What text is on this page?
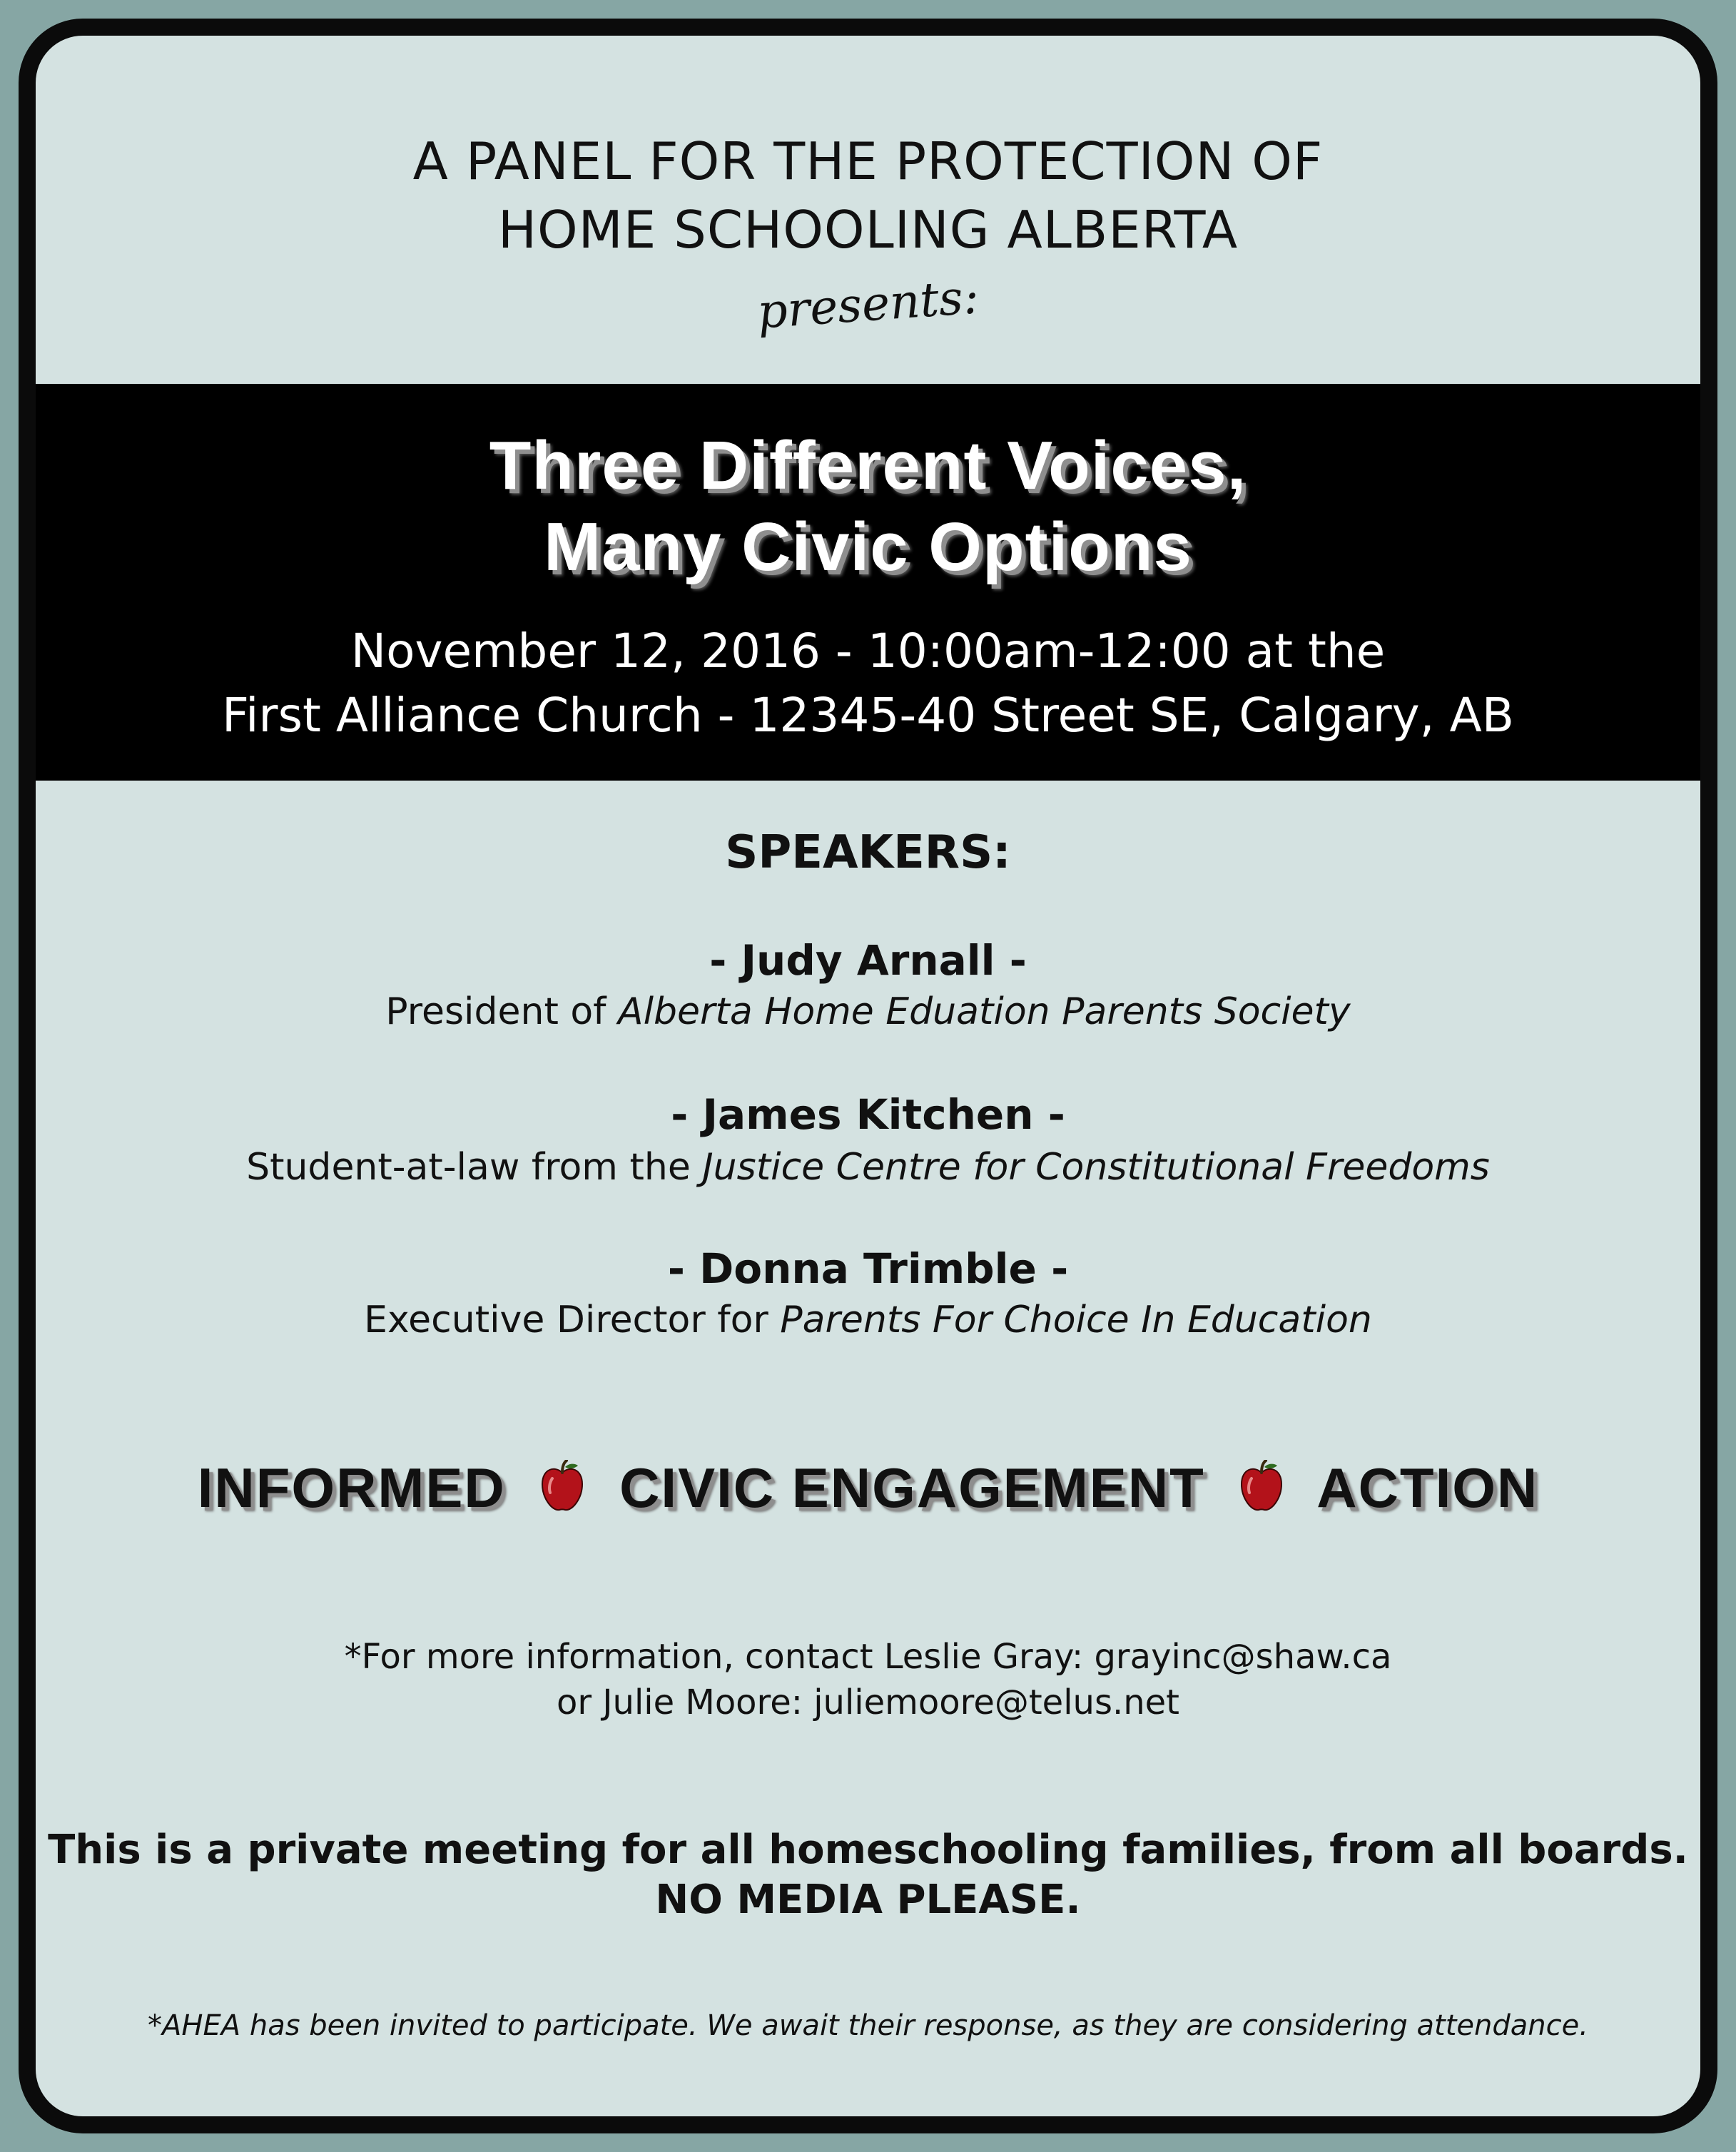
A PANEL FOR THE PROTECTION OF
HOME SCHOOLING ALBERTA
presents:
Three Different Voices,
Many Civic Options
November 12, 2016 - 10:00am-12:00 at the
First Alliance Church - 12345-40 Street SE, Calgary, AB
SPEAKERS:
- Judy Arnall -
President of Alberta Home Eduation Parents Society
- James Kitchen -
Student-at-law from the Justice Centre for Constitutional Freedoms
- Donna Trimble -
Executive Director for Parents For Choice In Education
INFORMED CIVIC ENGAGEMENT ACTION
*For more information, contact Leslie Gray: grayinc@shaw.ca
or Julie Moore: juliemoore@telus.net
This is a private meeting for all homeschooling families, from all boards.
NO MEDIA PLEASE.
*AHEA has been invited to participate. We await their response, as they are considering attendance.
